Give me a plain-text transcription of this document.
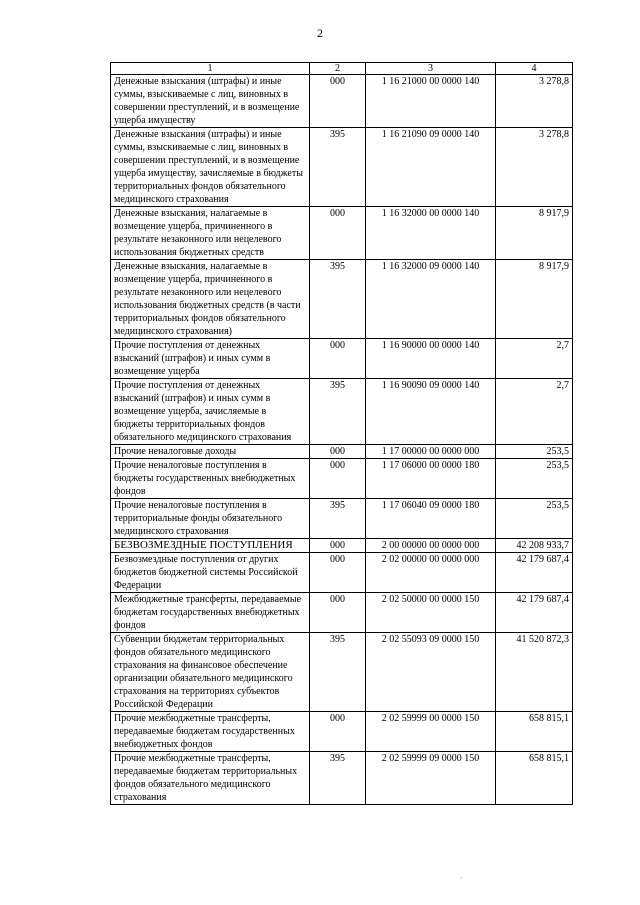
2
1	2	3	4
Денежные взыскания (штрафы) и иные суммы, взыскиваемые с лиц, виновных в совершении преступлений, и в возмещение ущерба имуществу	000	1 16 21000 00 0000 140	3 278,8
Денежные взыскания (штрафы) и иные суммы, взыскиваемые с лиц, виновных в совершении преступлений, и в возмещение ущерба имуществу, зачисляемые в бюджеты территориальных фондов обязательного медицинского страхования	395	1 16 21090 09 0000 140	3 278,8
Денежные взыскания, налагаемые в возмещение ущерба, причиненного в результате незаконного или нецелевого использования бюджетных средств	000	1 16 32000 00 0000 140	8 917,9
Денежные взыскания, налагаемые в возмещение ущерба, причиненного в результате незаконного или нецелевого использования бюджетных средств (в части территориальных фондов обязательного медицинского страхования)	395	1 16 32000 09 0000 140	8 917,9
Прочие поступления от денежных взысканий (штрафов) и иных сумм в возмещение ущерба	000	1 16 90000 00 0000 140	2,7
Прочие поступления от денежных взысканий (штрафов) и иных сумм в возмещение ущерба, зачисляемые в бюджеты территориальных фондов обязательного медицинского страхования	395	1 16 90090 09 0000 140	2,7
Прочие неналоговые доходы	000	1 17 00000 00 0000 000	253,5
Прочие неналоговые поступления в бюджеты государственных внебюджетных фондов	000	1 17 06000 00 0000 180	253,5
Прочие неналоговые поступления в территориальные фонды обязательного медицинского страхования	395	1 17 06040 09 0000 180	253,5
БЕЗВОЗМЕЗДНЫЕ ПОСТУПЛЕНИЯ	000	2 00 00000 00 0000 000	42 208 933,7
Безвозмездные поступления от других бюджетов бюджетной системы Российской Федерации	000	2 02 00000 00 0000 000	42 179 687,4
Межбюджетные трансферты, передаваемые бюджетам государственных внебюджетных фондов	000	2 02 50000 00 0000 150	42 179 687,4
Субвенции бюджетам территориальных фондов обязательного медицинского страхования на финансовое обеспечение организации обязательного медицинского страхования на территориях субъектов Российской Федерации	395	2 02 55093 09 0000 150	41 520 872,3
Прочие межбюджетные трансферты, передаваемые бюджетам государственных внебюджетных фондов	000	2 02 59999 00 0000 150	658 815,1
Прочие межбюджетные трансферты, передаваемые бюджетам территориальных фондов обязательного медицинского страхования	395	2 02 59999 09 0000 150	658 815,1
·
